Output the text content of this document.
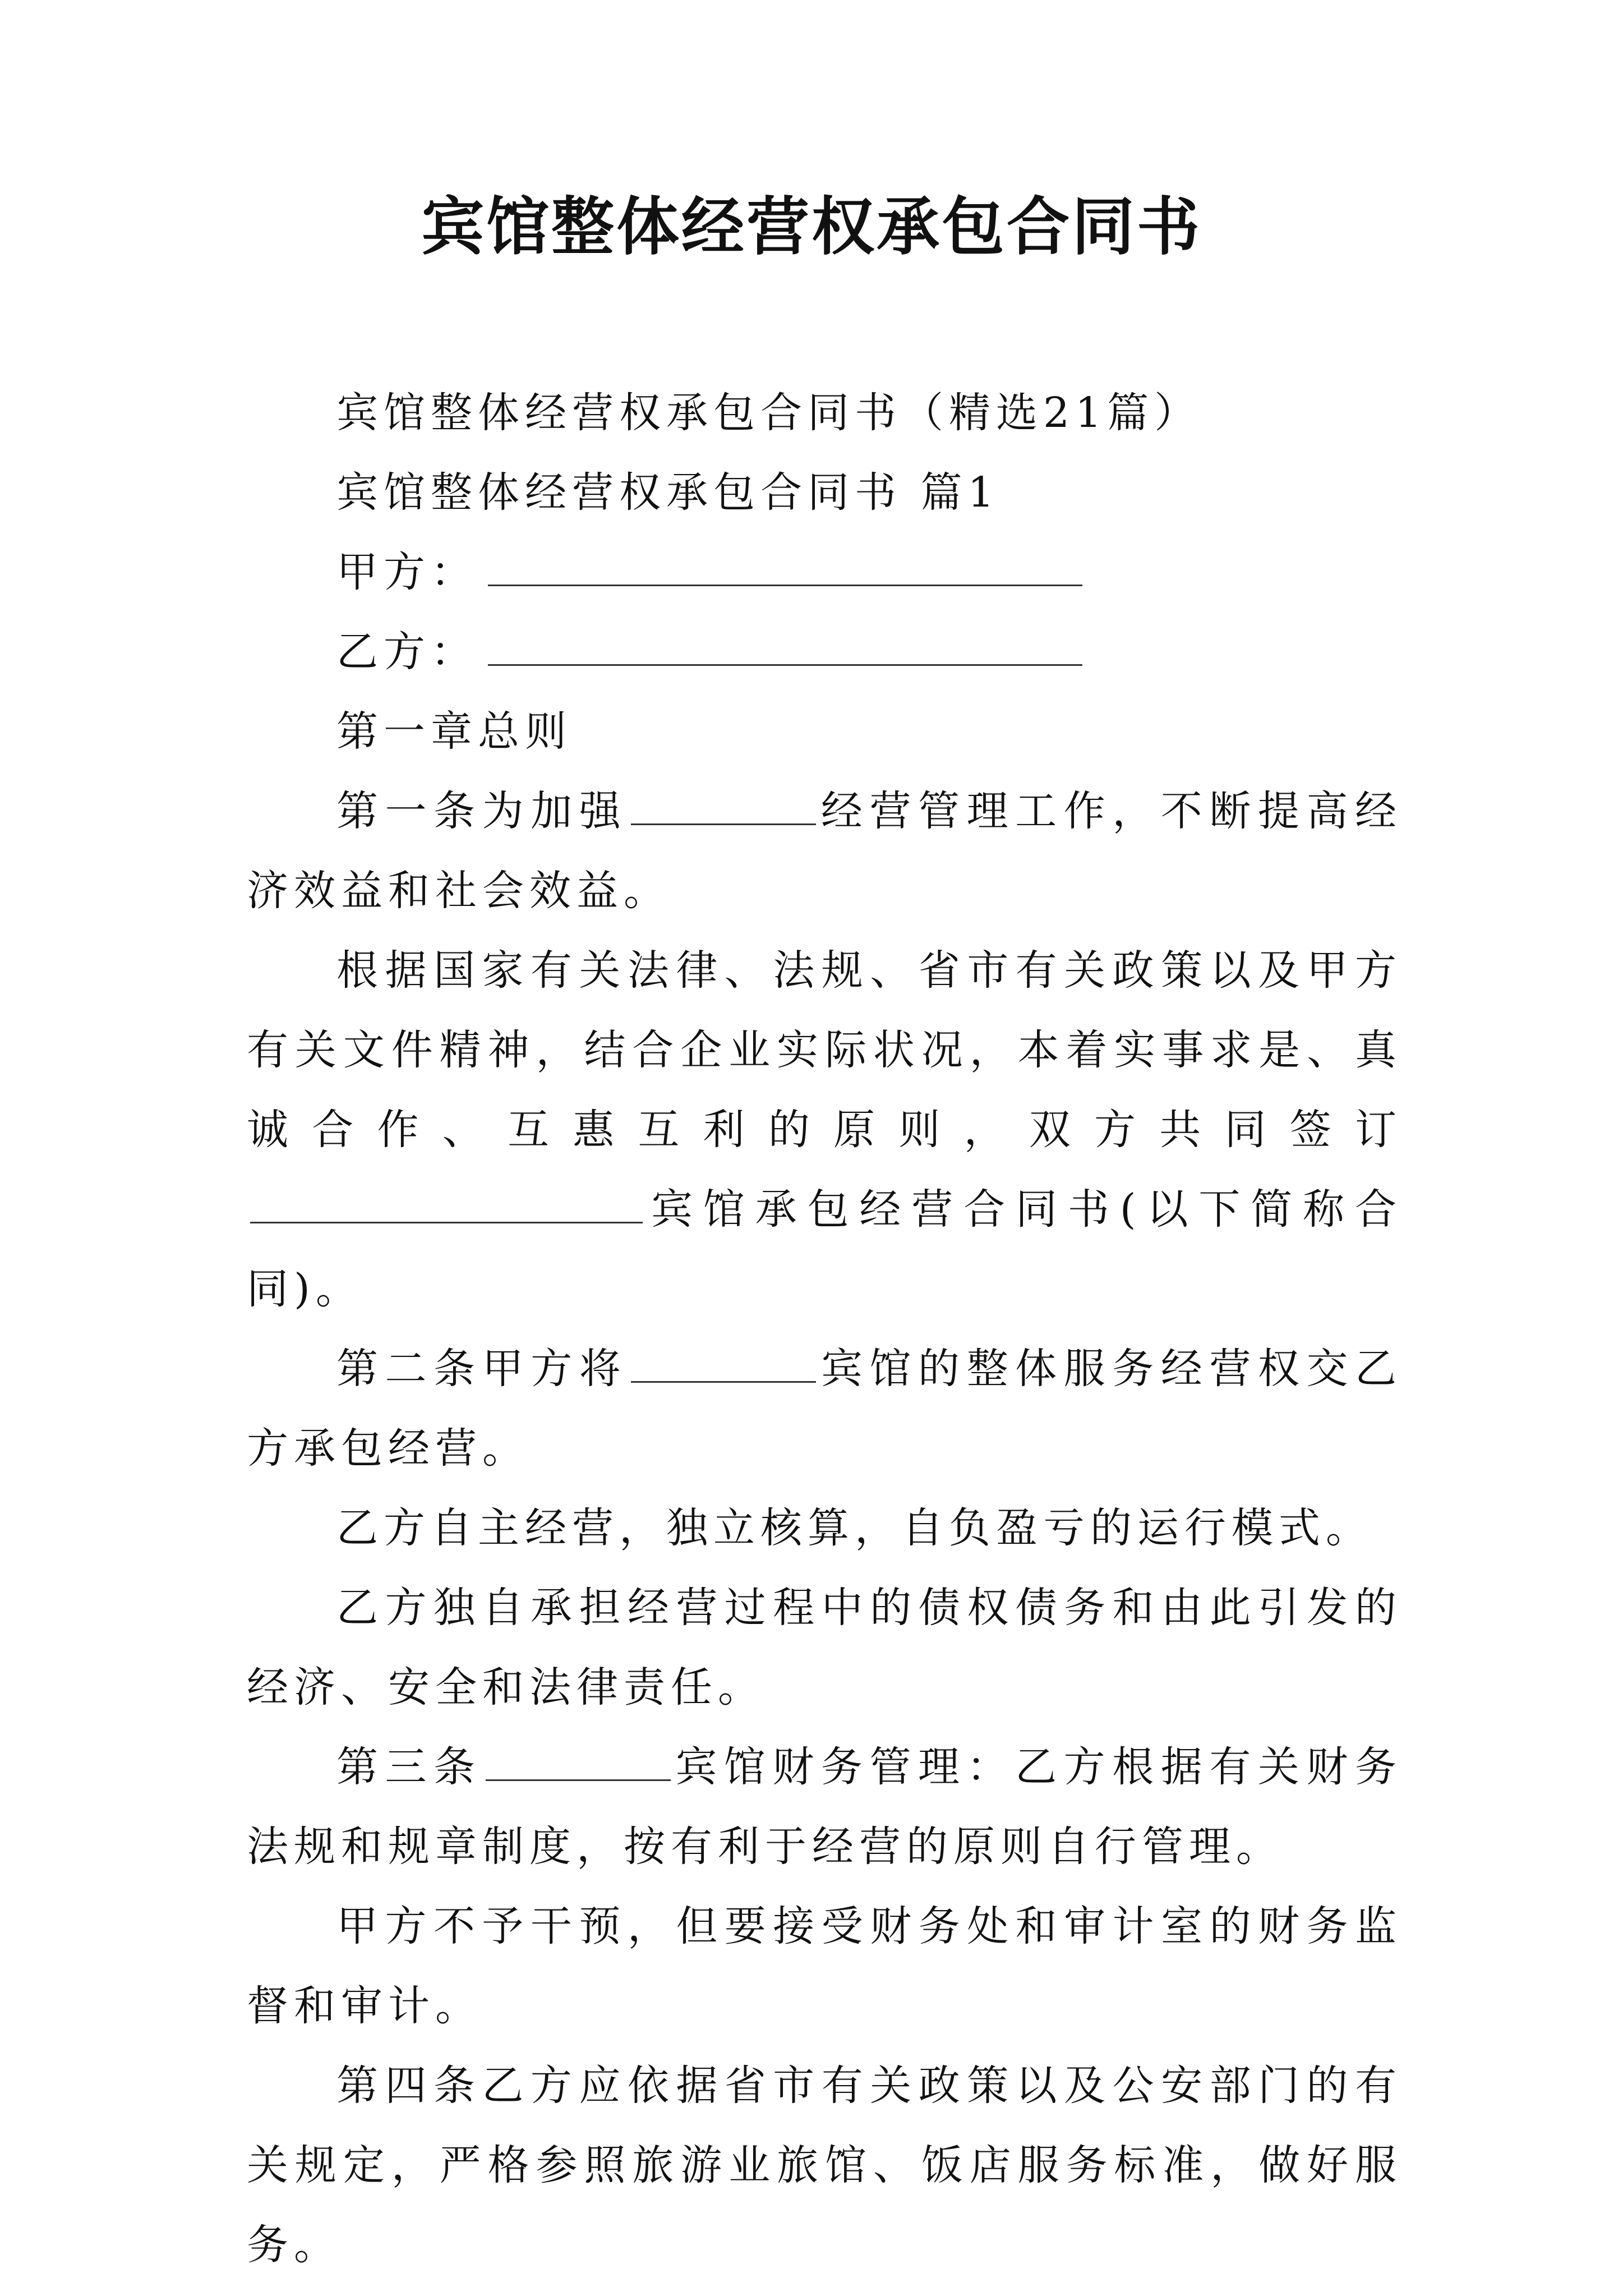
宾馆整体经营权承包合同书

宾馆整体经营权承包合同书（精选21篇）

宾馆整体经营权承包合同书 篇1

甲方：

乙方：

第一章总则

第一条为加强	经营管理工作，不断提高经济效益和社会效益。

根据国家有关法律、法规、省市有关政策以及甲方有关文件精神，结合企业实际状况，本着实事求是、真诚合作、互惠互利的原则，双方共同签订宾馆承包经营合同书(以下简称合同)。

第二条甲方将	宾馆的整体服务经营权交乙方承包经营。

乙方自主经营，独立核算，自负盈亏的运行模式。

乙方独自承担经营过程中的债权债务和由此引发的经济、安全和法律责任。

第三条	宾馆财务管理：乙方根据有关财务法规和规章制度，按有利于经营的原则自行管理。

甲方不予干预，但要接受财务处和审计室的财务监督和审计。

第四条乙方应依据省市有关政策以及公安部门的有关规定，严格参照旅游业旅馆、饭店服务标准，做好服务。
